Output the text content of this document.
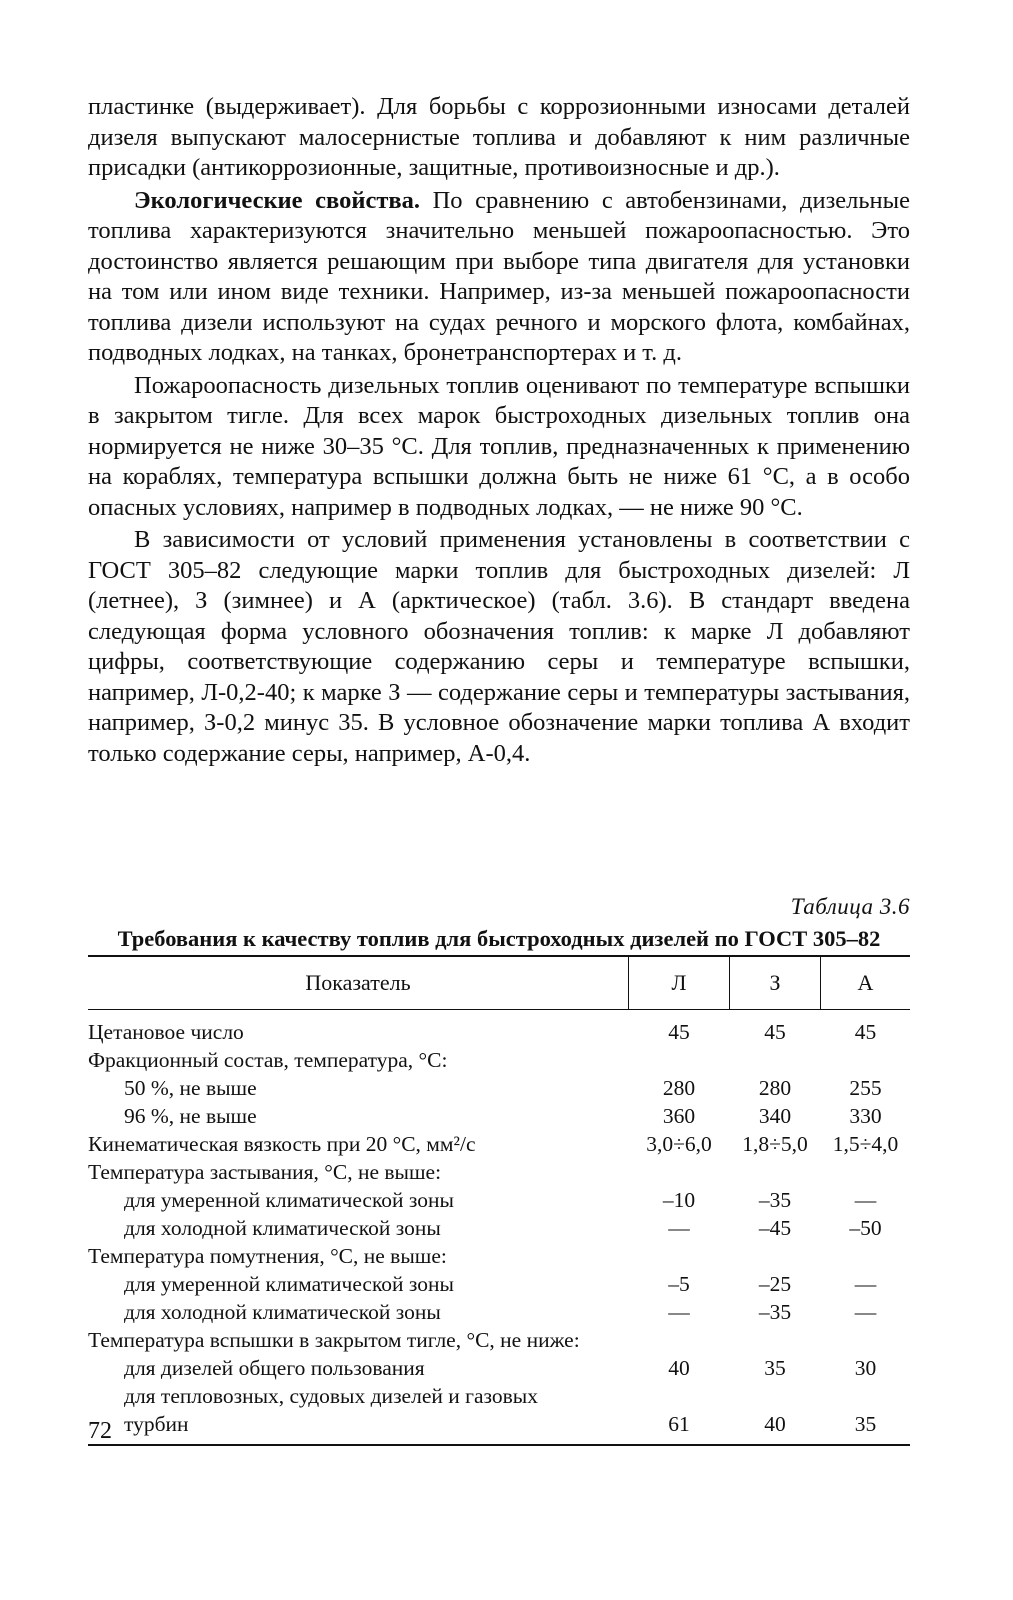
пластинке (выдерживает). Для борьбы с коррозионными износами деталей дизеля выпускают малосернистые топлива и добавляют к ним различные присадки (антикоррозионные, защитные, противоизносные и др.).

Экологические свойства. По сравнению с автобензинами, дизельные топлива характеризуются значительно меньшей пожароопасностью. Это достоинство является решающим при выборе типа двигателя для установки на том или ином виде техники. Например, из-за меньшей пожароопасности топлива дизели используют на судах речного и морского флота, комбайнах, подводных лодках, на танках, бронетранспортерах и т. д.

Пожароопасность дизельных топлив оценивают по температуре вспышки в закрытом тигле. Для всех марок быстроходных дизельных топлив она нормируется не ниже 30–35 °С. Для топлив, предназначенных к применению на кораблях, температура вспышки должна быть не ниже 61 °С, а в особо опасных условиях, например в подводных лодках, — не ниже 90 °С.

В зависимости от условий применения установлены в соответствии с ГОСТ 305–82 следующие марки топлив для быстроходных дизелей: Л (летнее), З (зимнее) и А (арктическое) (табл. 3.6). В стандарт введена следующая форма условного обозначения топлив: к марке Л добавляют цифры, соответствующие содержанию серы и температуре вспышки, например, Л-0,2-40; к марке З — содержание серы и температуры застывания, например, З-0,2 минус 35. В условное обозначение марки топлива А входит только содержание серы, например, А-0,4.

Таблица 3.6
Требования к качеству топлив для быстроходных дизелей по ГОСТ 305–82
Показатель	Л	З	А
Цетановое число	45	45	45
Фракционный состав, температура, °С:
50 %, не выше	280	280	255
96 %, не выше	360	340	330
Кинематическая вязкость при 20 °С, мм²/с	3,0÷6,0	1,8÷5,0	1,5÷4,0
Температура застывания, °С, не выше:
для умеренной климатической зоны	–10	–35	—
для холодной климатической зоны	—	–45	–50
Температура помутнения, °С, не выше:
для умеренной климатической зоны	–5	–25	—
для холодной климатической зоны	—	–35	—
Температура вспышки в закрытом тигле, °С, не ниже:
для дизелей общего пользования	40	35	30
для тепловозных, судовых дизелей и газовых
турбин	61	40	35
72
